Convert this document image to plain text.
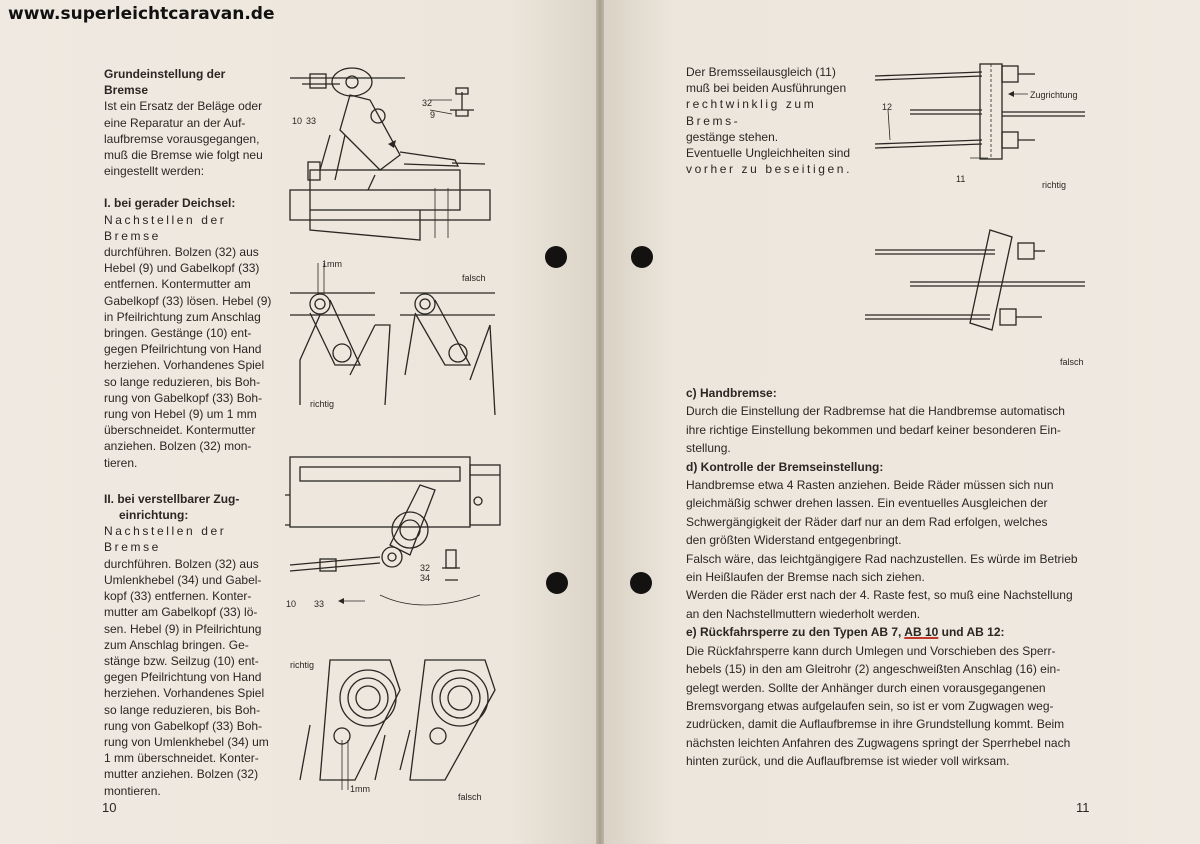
www.superleichtcaravan.de

Grundeinstellung der Bremse

Ist ein Ersatz der Beläge oder

eine Reparatur an der Auf-

laufbremse vorausgegangen,

muß die Bremse wie folgt neu

eingestellt werden:

I. bei gerader Deichsel:

Nachstellen der Bremse

durchführen. Bolzen (32) aus

Hebel (9) und Gabelkopf (33)

entfernen. Kontermutter am

Gabelkopf (33) lösen. Hebel (9)

in Pfeilrichtung zum Anschlag

bringen. Gestänge (10) ent-

gegen Pfeilrichtung von Hand

herziehen. Vorhandenes Spiel

so lange reduzieren, bis Boh-

rung von Gabelkopf (33) Boh-

rung von Hebel (9) um 1 mm

überschneidet. Kontermutter

anziehen. Bolzen (32) mon-

tieren.

II. bei verstellbarer Zug-

einrichtung:

Nachstellen der Bremse

durchführen. Bolzen (32) aus

Umlenkhebel (34) und Gabel-

kopf (33) entfernen. Konter-

mutter am Gabelkopf (33) lö-

sen. Hebel (9) in Pfeilrichtung

zum Anschlag bringen. Ge-

stänge bzw. Seilzug (10) ent-

gegen Pfeilrichtung von Hand

herziehen. Vorhandenes Spiel

so lange reduzieren, bis Boh-

rung von Gabelkopf (33) Boh-

rung von Umlenkhebel (34) um

1 mm überschneidet. Konter-

mutter anziehen. Bolzen (32)

montieren.

10
10 33
32
9
1mm
falsch
richtig
32
34
10 33
richtig
1mm
falsch

Der Bremsseilausgleich (11)

muß bei beiden Ausführungen

rechtwinklig zum Brems-

gestänge stehen.

Eventuelle Ungleichheiten sind

vorher zu beseitigen.

Zugrichtung
12
11
richtig
falsch

c) Handbremse:

Durch die Einstellung der Radbremse hat die Handbremse automatisch

ihre richtige Einstellung bekommen und bedarf keiner besonderen Ein-

stellung.

d) Kontrolle der Bremseinstellung:

Handbremse etwa 4 Rasten anziehen. Beide Räder müssen sich nun

gleichmäßig schwer drehen lassen. Ein eventuelles Ausgleichen der

Schwergängigkeit der Räder darf nur an dem Rad erfolgen, welches

den größten Widerstand entgegenbringt.

Falsch wäre, das leichtgängigere Rad nachzustellen. Es würde im Betrieb

ein Heißlaufen der Bremse nach sich ziehen.

Werden die Räder erst nach der 4. Raste fest, so muß eine Nachstellung

an den Nachstellmuttern wiederholt werden.

e) Rückfahrsperre zu den Typen AB 7, AB 10 und AB 12:

Die Rückfahrsperre kann durch Umlegen und Vorschieben des Sperr-

hebels (15) in den am Gleitrohr (2) angeschweißten Anschlag (16) ein-

gelegt werden. Sollte der Anhänger durch einen vorausgegangenen

Bremsvorgang etwas aufgelaufen sein, so ist er vom Zugwagen weg-

zudrücken, damit die Auflaufbremse in ihre Grundstellung kommt. Beim

nächsten leichten Anfahren des Zugwagens springt der Sperrhebel nach

hinten zurück, und die Auflaufbremse ist wieder voll wirksam.

11
